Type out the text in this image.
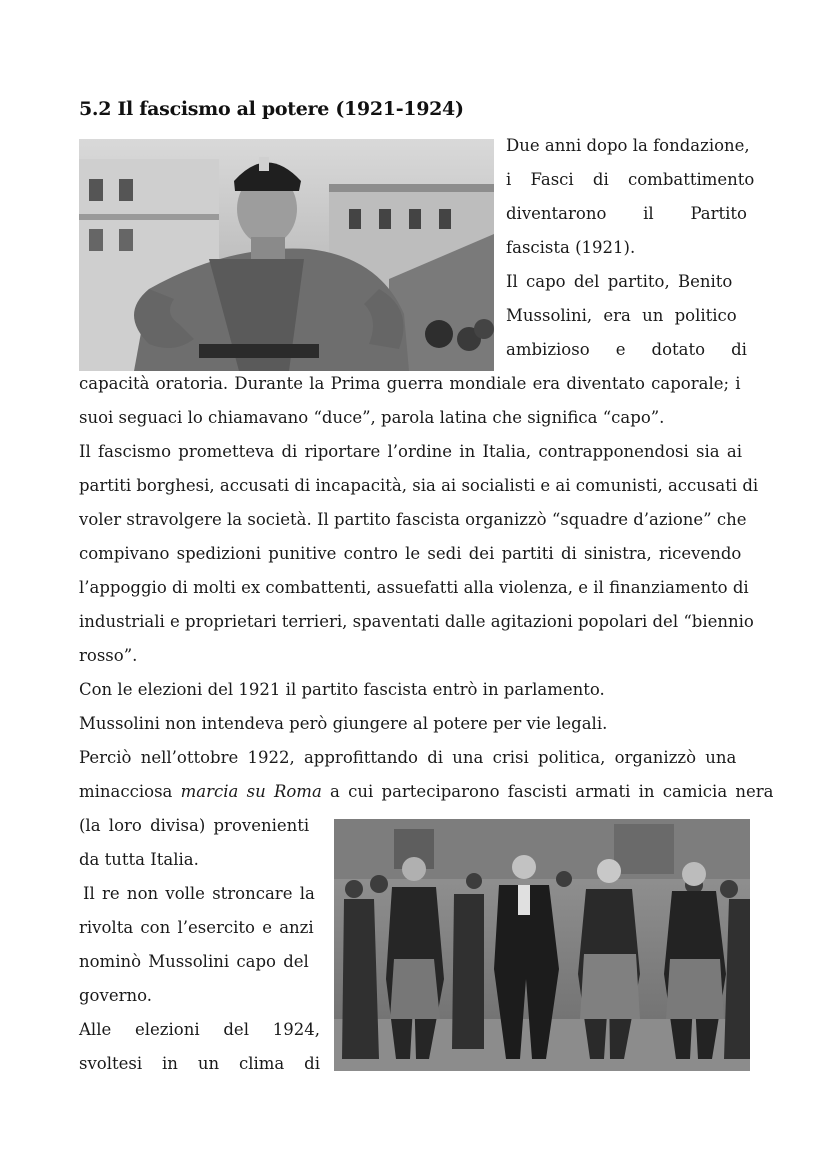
5.2 Il fascismo al potere (1921-1924)
Due anni dopo la fondazione,
i Fasci di combattimento
diventarono il Partito
fascista (1921).
Il capo del partito, Benito
Mussolini, era un politico
ambizioso e dotato di
capacità oratoria. Durante la Prima guerra mondiale era diventato caporale; i
suoi seguaci lo chiamavano “duce”, parola latina che significa “capo”.
Il fascismo prometteva di riportare l’ordine in Italia, contrapponendosi sia ai
partiti borghesi, accusati di incapacità, sia ai socialisti e ai comunisti, accusati di
voler stravolgere la società. Il partito fascista organizzò “squadre d’azione” che
compivano spedizioni punitive contro le sedi dei partiti di sinistra, ricevendo
l’appoggio di molti ex combattenti, assuefatti alla violenza, e il finanziamento di
industriali e proprietari terrieri, spaventati dalle agitazioni popolari del “biennio
rosso”.
Con le elezioni del 1921 il partito fascista entrò in parlamento.
Mussolini non intendeva però giungere al potere per vie legali.
Perciò nell’ottobre 1922, approfittando di una crisi politica, organizzò una
minacciosa marcia su Roma a cui parteciparono fascisti armati in camicia nera
(la loro divisa) provenienti
da tutta Italia.
Il re non volle stroncare la
rivolta con l’esercito e anzi
nominò Mussolini capo del
governo.
Alle elezioni del 1924,
svoltesi in un clima di
